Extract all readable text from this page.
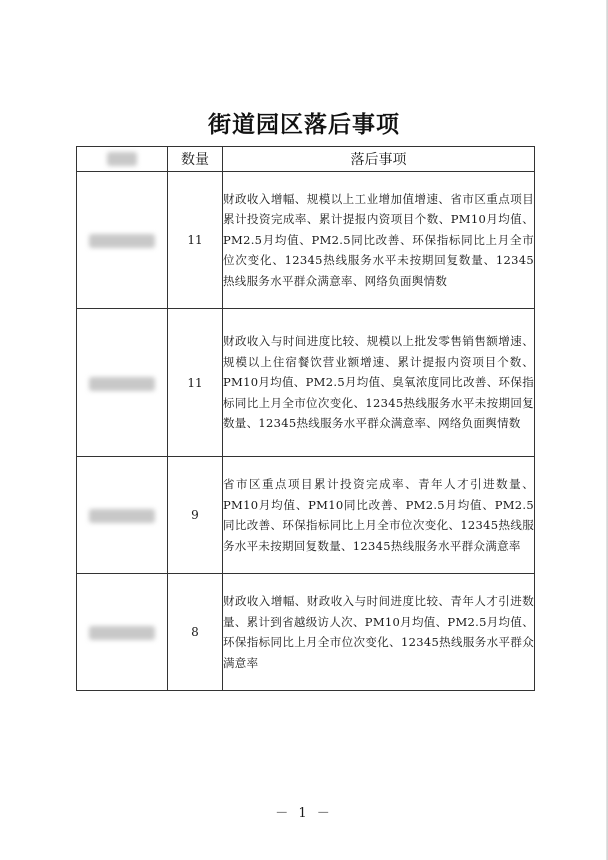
街道园区落后事项
	数量	落后事项
	11	财政收入增幅、规模以上工业增加值增速、省市区重点项目累计投资完成率、累计提报内资项目个数、PM10月均值、PM2.5月均值、PM2.5同比改善、环保指标同比上月全市位次变化、12345热线服务水平未按期回复数量、12345热线服务水平群众满意率、网络负面舆情数
	11	财政收入与时间进度比较、规模以上批发零售销售额增速、规模以上住宿餐饮营业额增速、累计提报内资项目个数、PM10月均值、PM2.5月均值、臭氧浓度同比改善、环保指标同比上月全市位次变化、12345热线服务水平未按期回复数量、12345热线服务水平群众满意率、网络负面舆情数
	9	省市区重点项目累计投资完成率、青年人才引进数量、PM10月均值、PM10同比改善、PM2.5月均值、PM2.5同比改善、环保指标同比上月全市位次变化、12345热线服务水平未按期回复数量、12345热线服务水平群众满意率
	8	财政收入增幅、财政收入与时间进度比较、青年人才引进数量、累计到省越级访人次、PM10月均值、PM2.5月均值、环保指标同比上月全市位次变化、12345热线服务水平群众满意率
－ 1 －
